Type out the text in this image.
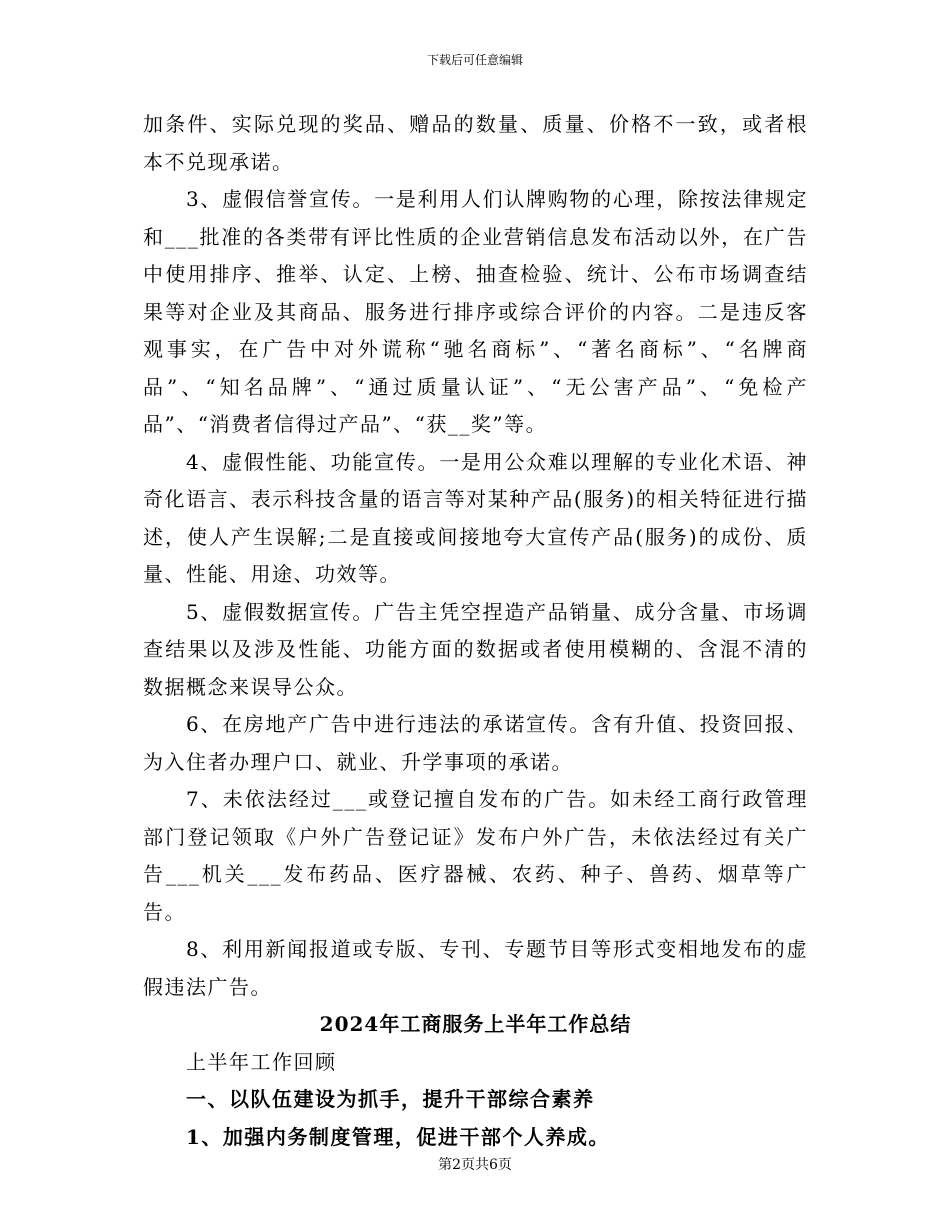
下载后可任意编辑

加条件、实际兑现的奖品、赠品的数量、质量、价格不一致，或者根本不兑现承诺。

3、虚假信誉宣传。一是利用人们认牌购物的心理，除按法律规定和___批准的各类带有评比性质的企业营销信息发布活动以外，在广告中使用排序、推举、认定、上榜、抽查检验、统计、公布市场调查结果等对企业及其商品、服务进行排序或综合评价的内容。二是违反客观事实，在广告中对外谎称“驰名商标”、“著名商标”、“名牌商品”、“知名品牌”、“通过质量认证”、“无公害产品”、“免检产品”、“消费者信得过产品”、“获__奖”等。

4、虚假性能、功能宣传。一是用公众难以理解的专业化术语、神奇化语言、表示科技含量的语言等对某种产品(服务)的相关特征进行描述，使人产生误解;二是直接或间接地夸大宣传产品(服务)的成份、质量、性能、用途、功效等。

5、虚假数据宣传。广告主凭空捏造产品销量、成分含量、市场调查结果以及涉及性能、功能方面的数据或者使用模糊的、含混不清的数据概念来误导公众。

6、在房地产广告中进行违法的承诺宣传。含有升值、投资回报、为入住者办理户口、就业、升学事项的承诺。

7、未依法经过___或登记擅自发布的广告。如未经工商行政管理部门登记领取《户外广告登记证》发布户外广告，未依法经过有关广告___机关___发布药品、医疗器械、农药、种子、兽药、烟草等广告。

8、利用新闻报道或专版、专刊、专题节目等形式变相地发布的虚假违法广告。

2024年工商服务上半年工作总结

上半年工作回顾

一、以队伍建设为抓手，提升干部综合素养

1、加强内务制度管理，促进干部个人养成。

第2页共6页
